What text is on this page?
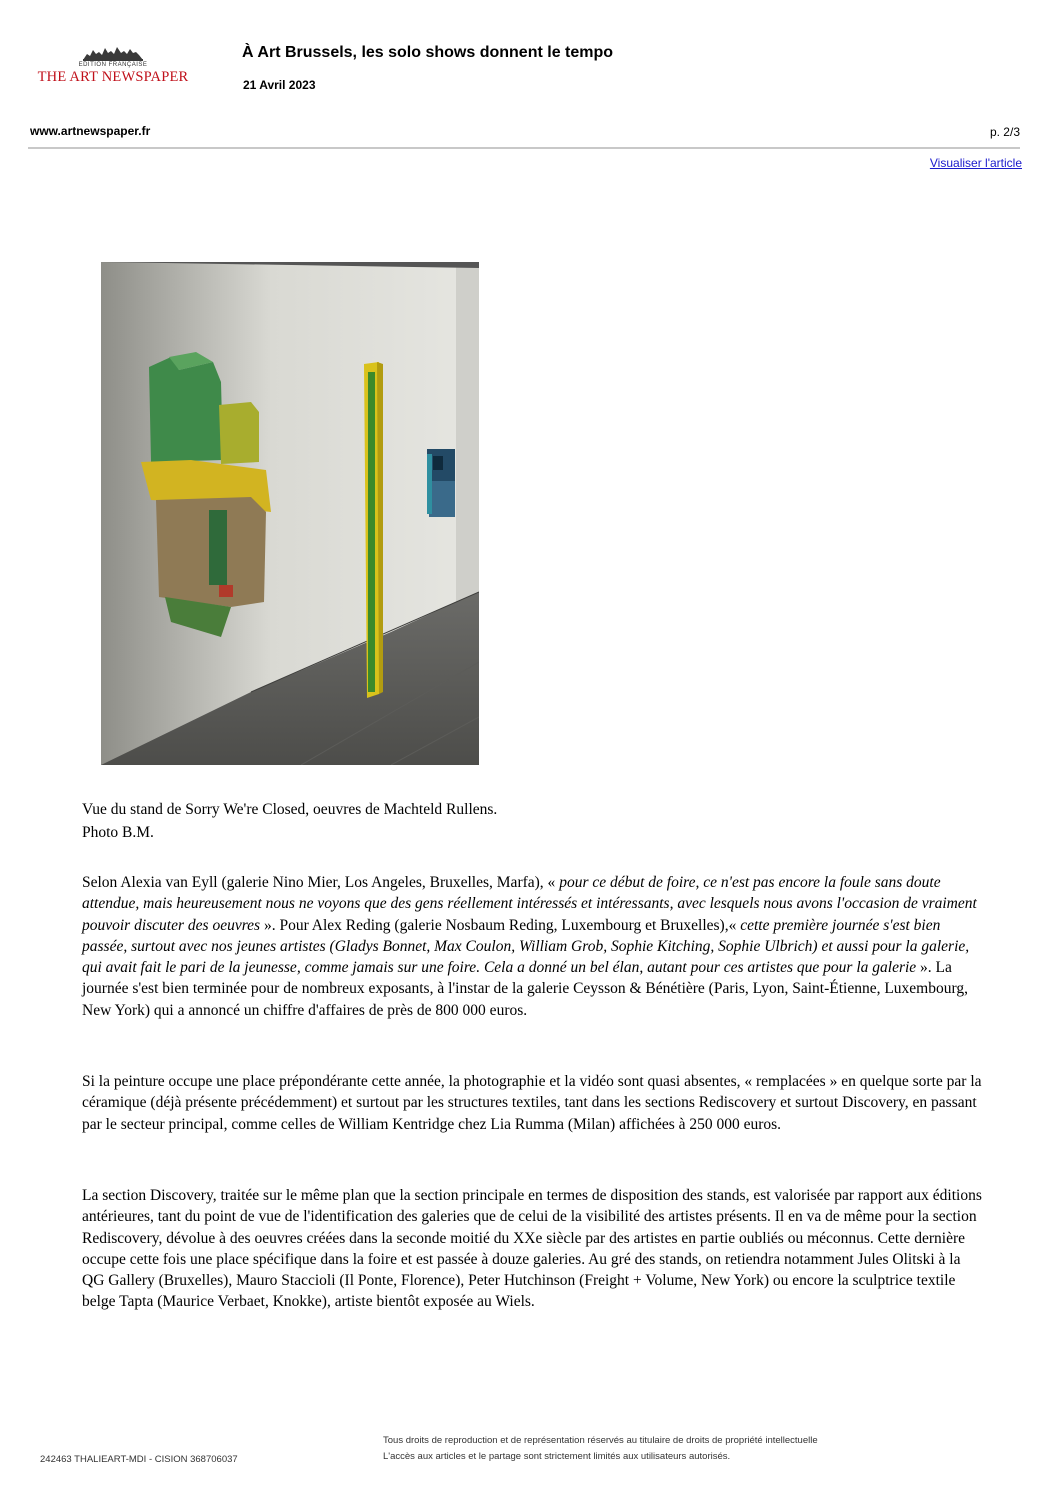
EDITION FRANÇAISE
THE ART NEWSPAPER
À Art Brussels, les solo shows donnent le tempo
21 Avril 2023
www.artnewspaper.fr	p. 2/3
Visualiser l'article
Vue du stand de Sorry We're Closed, oeuvres de Machteld Rullens.
Photo B.M.
Selon Alexia van Eyll (galerie Nino Mier, Los Angeles, Bruxelles, Marfa), « pour ce début de foire, ce n'est pas encore la foule sans doute attendue, mais heureusement nous ne voyons que des gens réellement intéressés et intéressants, avec lesquels nous avons l'occasion de vraiment pouvoir discuter des oeuvres ». Pour Alex Reding (galerie Nosbaum Reding, Luxembourg et Bruxelles),« cette première journée s'est bien passée, surtout avec nos jeunes artistes (Gladys Bonnet, Max Coulon, William Grob, Sophie Kitching, Sophie Ulbrich) et aussi pour la galerie, qui avait fait le pari de la jeunesse, comme jamais sur une foire. Cela a donné un bel élan, autant pour ces artistes que pour la galerie ». La journée s'est bien terminée pour de nombreux exposants, à l'instar de la galerie Ceysson & Bénétière (Paris, Lyon, Saint-Étienne, Luxembourg, New York) qui a annoncé un chiffre d'affaires de près de 800 000 euros.
Si la peinture occupe une place prépondérante cette année, la photographie et la vidéo sont quasi absentes, « remplacées » en quelque sorte par la céramique (déjà présente précédemment) et surtout par les structures textiles, tant dans les sections Rediscovery et surtout Discovery, en passant par le secteur principal, comme celles de William Kentridge chez Lia Rumma (Milan) affichées à 250 000 euros.
La section Discovery, traitée sur le même plan que la section principale en termes de disposition des stands, est valorisée par rapport aux éditions antérieures, tant du point de vue de l'identification des galeries que de celui de la visibilité des artistes présents. Il en va de même pour la section Rediscovery, dévolue à des oeuvres créées dans la seconde moitié du XXe siècle par des artistes en partie oubliés ou méconnus. Cette dernière occupe cette fois une place spécifique dans la foire et est passée à douze galeries. Au gré des stands, on retiendra notamment Jules Olitski à la QG Gallery (Bruxelles), Mauro Staccioli (Il Ponte, Florence), Peter Hutchinson (Freight + Volume, New York) ou encore la sculptrice textile belge Tapta (Maurice Verbaet, Knokke), artiste bientôt exposée au Wiels.
242463 THALIEART-MDI - CISION 368706037
Tous droits de reproduction et de représentation réservés au titulaire de droits de propriété intellectuelle
L'accès aux articles et le partage sont strictement limités aux utilisateurs autorisés.
